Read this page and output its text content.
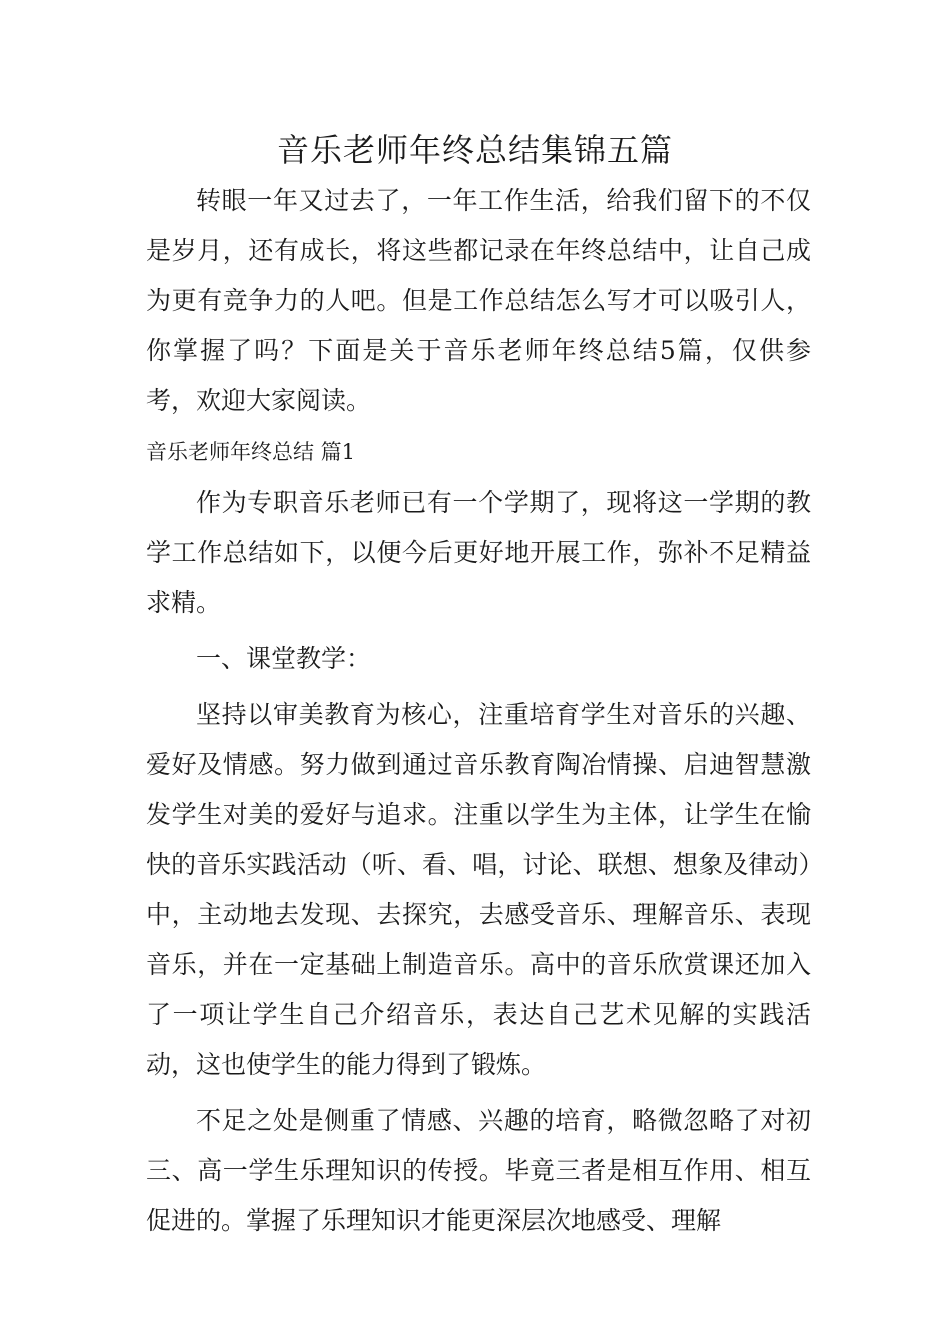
音乐老师年终总结集锦五篇

转眼一年又过去了，一年工作生活，给我们留下的不仅是岁月，还有成长，将这些都记录在年终总结中，让自己成为更有竞争力的人吧。但是工作总结怎么写才可以吸引人，你掌握了吗？下面是关于音乐老师年终总结5篇，仅供参考，欢迎大家阅读。

音乐老师年终总结 篇1

作为专职音乐老师已有一个学期了，现将这一学期的教学工作总结如下，以便今后更好地开展工作，弥补不足精益求精。

一、课堂教学：

坚持以审美教育为核心，注重培育学生对音乐的兴趣、爱好及情感。努力做到通过音乐教育陶冶情操、启迪智慧激发学生对美的爱好与追求。注重以学生为主体，让学生在愉快的音乐实践活动（听、看、唱，讨论、联想、想象及律动）中，主动地去发现、去探究，去感受音乐、理解音乐、表现音乐，并在一定基础上制造音乐。高中的音乐欣赏课还加入了一项让学生自己介绍音乐，表达自己艺术见解的实践活动，这也使学生的能力得到了锻炼。

不足之处是侧重了情感、兴趣的培育，略微忽略了对初三、高一学生乐理知识的传授。毕竟三者是相互作用、相互促进的。掌握了乐理知识才能更深层次地感受、理解
